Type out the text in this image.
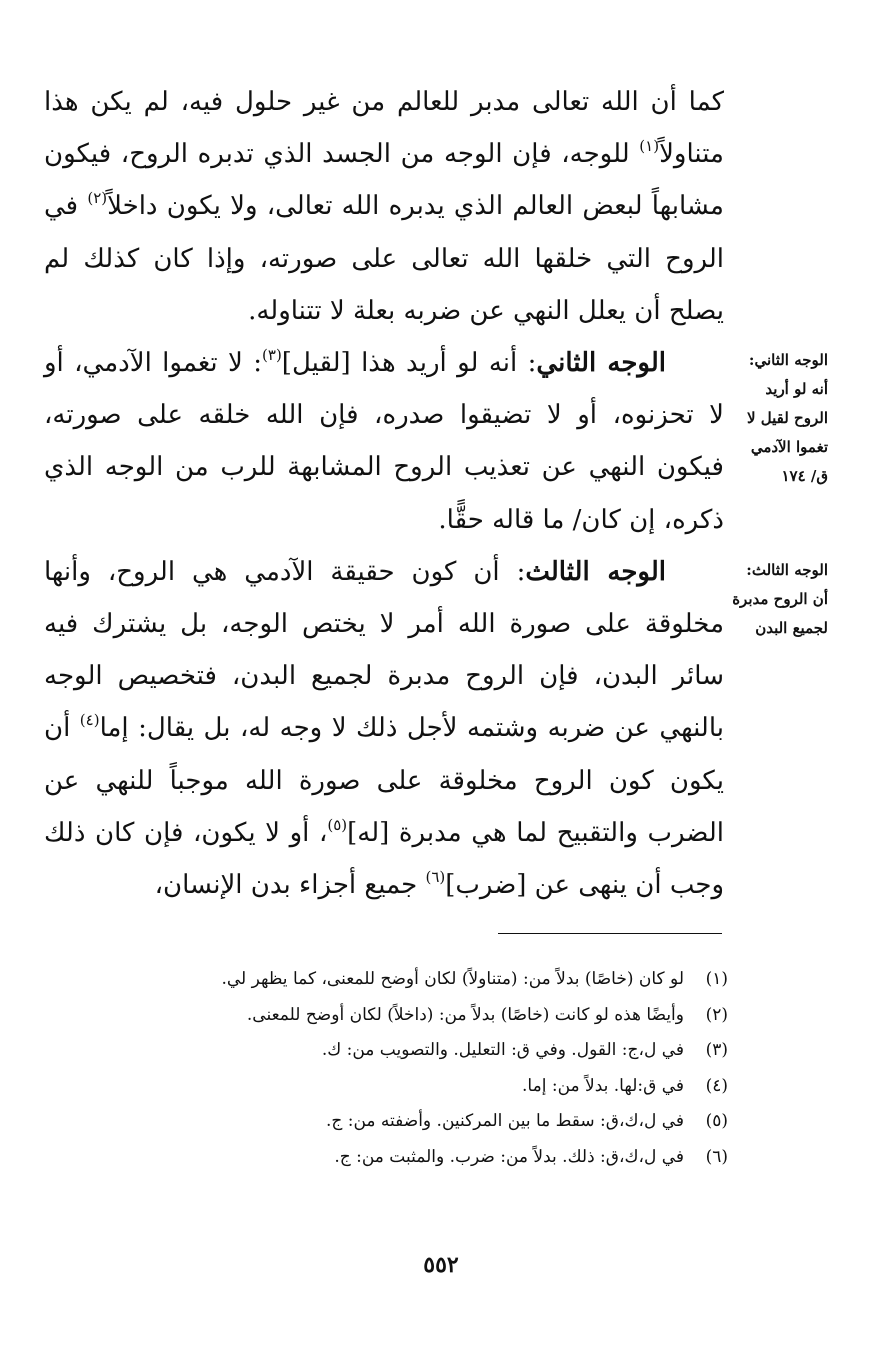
كما أن الله تعالى مدبر للعالم من غير حلول فيه، لم يكن هذا متناولاً$^{(١)}$ للوجه، فإن الوجه من الجسد الذي تدبره الروح، فيكون مشابهاً لبعض العالم الذي يدبره الله تعالى، ولا يكون داخلاً$^{(٢)}$ في الروح التي خلقها الله تعالى على صورته، وإذا كان كذلك لم يصلح أن يعلل النهي عن ضربه بعلة لا تتناوله.

الوجه الثاني: أنه لو أريد هذا [لقيل]$^{(٣)}$: لا تغموا الآدمي، أو لا تحزنوه، أو لا تضيقوا صدره، فإن الله خلقه على صورته، فيكون النهي عن تعذيب الروح المشابهة للرب من الوجه الذي ذكره، إن كان/ ما قاله حقًّا.

الوجه الثالث: أن كون حقيقة الآدمي هي الروح، وأنها مخلوقة على صورة الله أمر لا يختص الوجه، بل يشترك فيه سائر البدن، فإن الروح مدبرة لجميع البدن، فتخصيص الوجه بالنهي عن ضربه وشتمه لأجل ذلك لا وجه له، بل يقال: إما$^{(٤)}$ أن يكون كون الروح مخلوقة على صورة الله موجباً للنهي عن الضرب والتقبيح لما هي مدبرة [له]$^{(٥)}$، أو لا يكون، فإن كان ذلك وجب أن ينهى عن [ضرب]$^{(٦)}$ جميع أجزاء بدن الإنسان،

الوجه الثاني: أنه لو أريد الروح لقيل لا تغموا الآدمي
ق/ ١٧٤
الوجه الثالث: أن الروح مدبرة لجميع البدن
(١)
لو كان (خاصًا) بدلاً من: (متناولاً) لكان أوضح للمعنى، كما يظهر لي.
(٢)
وأيضًا هذه لو كانت (خاصًا) بدلاً من: (داخلاً) لكان أوضح للمعنى.
(٣)
في ل،ج: القول. وفي ق: التعليل. والتصويب من: ك.
(٤)
في ق:لها. بدلاً من: إما.
(٥)
في ل،ك،ق: سقط ما بين المركنين. وأضفته من: ج.
(٦)
في ل،ك،ق: ذلك. بدلاً من: ضرب. والمثبت من: ج.
٥٥٢
